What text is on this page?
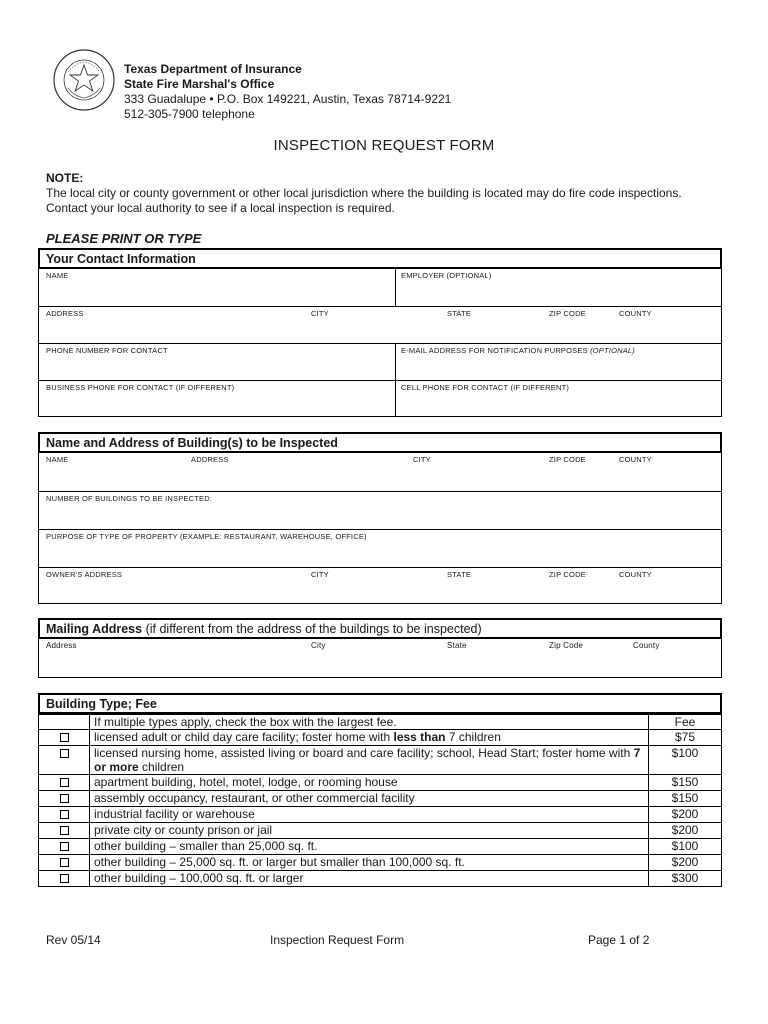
Texas Department of Insurance
State Fire Marshal's Office
333 Guadalupe • P.O. Box 149221, Austin, Texas 78714-9221
512-305-7900 telephone
INSPECTION REQUEST FORM
NOTE:
The local city or county government or other local jurisdiction where the building is located may do fire code inspections.
Contact your local authority to see if a local inspection is required.
PLEASE PRINT OR TYPE
Your Contact Information
NAME	EMPLOYER (OPTIONAL)
ADDRESS	CITY	STATE	ZIP CODE	COUNTY
PHONE NUMBER FOR CONTACT	E-MAIL ADDRESS FOR NOTIFICATION PURPOSES (OPTIONAL)
BUSINESS PHONE FOR CONTACT (IF DIFFERENT)	CELL PHONE FOR CONTACT (IF DIFFERENT)
Name and Address of Building(s) to be Inspected
NAME	ADDRESS	CITY	ZIP CODE	COUNTY
NUMBER OF BUILDINGS TO BE INSPECTED:
PURPOSE OF TYPE OF PROPERTY (EXAMPLE: RESTAURANT, WAREHOUSE, OFFICE)
OWNER'S ADDRESS	CITY	STATE	ZIP CODE	COUNTY
Mailing Address (if different from the address of the buildings to be inspected)
Address	City	State	Zip Code	County
Building Type; Fee
	If multiple types apply, check the box with the largest fee.	Fee
	licensed adult or child day care facility; foster home with less than 7 children	$75
	licensed nursing home, assisted living or board and care facility; school, Head Start; foster home with 7 or more children	$100
	apartment building, hotel, motel, lodge, or rooming house	$150
	assembly occupancy, restaurant, or other commercial facility	$150
	industrial facility or warehouse	$200
	private city or county prison or jail	$200
	other building – smaller than 25,000 sq. ft.	$100
	other building – 25,000 sq. ft. or larger but smaller than 100,000 sq. ft.	$200
	other building – 100,000 sq. ft. or larger	$300
Rev 05/14	Inspection Request Form	Page 1 of 2
